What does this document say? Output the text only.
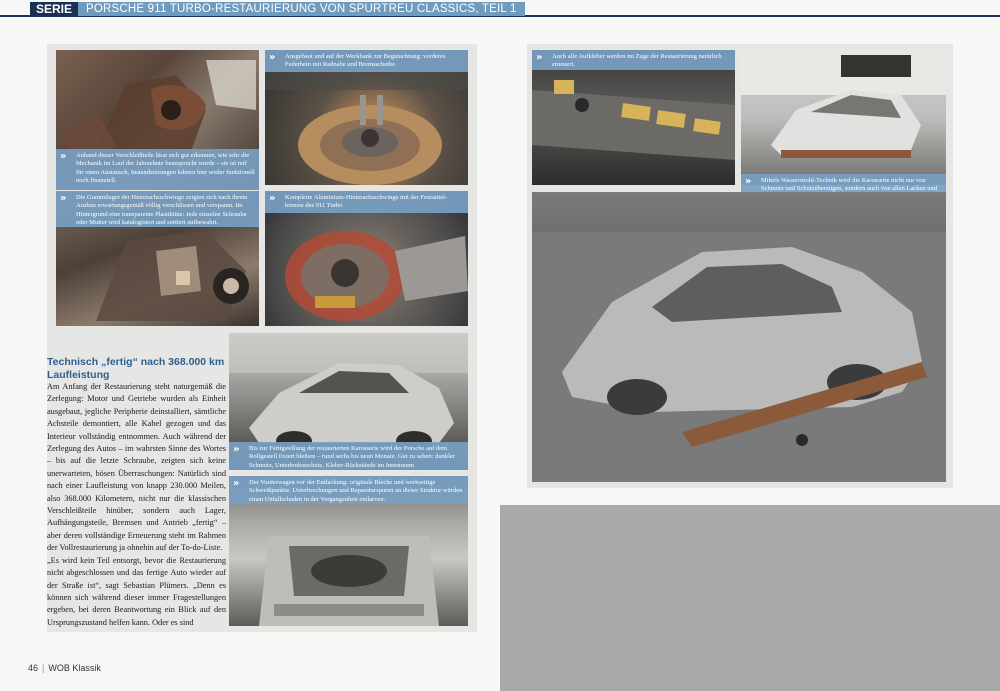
SERIE	PORSCHE 911 TURBO-RESTAURIERUNG VON SPURTREU CLASSICS, TEIL 1
» Anhand dieser Verschleißteile lässt sich gut erkennen, wie sehr die Mechanik im Lauf der Jahrzehnte beansprucht wurde – sie ist reif für einen Austausch, Instandsetzungen lohnen hier weder funktionell noch finanziell.
» Ausgebaut und auf der Werkbank zur Begutachtung: vorderes Federbein mit Radnabe und Bremsscheibe
» Die Gummilager der Hinterachsschwinge zeigten sich nach ihrem Ausbau erwartungsgemäß völlig verschlissen und verspannt. Im Hintergrund eine transparente Plastiktüte: Jede einzelne Schraube oder Mutter wird katalogisiert und sortiert aufbewahrt.
» Komplette Aluminium-Hinterachsschwinge mit der Festsattel-bremse des 911 Turbo
» Bis zur Fertigstellung der restaurierten Karosserie wird der Porsche auf dem Rollgestell fixiert bleiben – rund sechs bis neun Monate. Gut zu sehen: dunkler Schmutz, Unterbodenschutz, Kleber-Rückstände im Innenraum
» Der Vorderwagen vor der Entlackung: originale Bleche und werkseitige Schweißpunkte. Unterbrechungen und Reparaturspuren an dieser Struktur würden einen Unfallschaden in der Vergangenheit entlarven.
Technisch „fertig“ nach 368.000 km Laufleistung

Am Anfang der Restaurierung steht naturgemäß die Zerlegung: Motor und Getriebe wurden als Einheit ausgebaut, jegliche Peripherie deinstalliert, sämtliche Achsteile demontiert, alle Kabel gezogen und das Interieur vollständig entnommen. Auch während der Zerlegung des Autos – im wahrsten Sinne des Wortes – bis auf die letzte Schraube, zeigten sich keine unerwarteten, bösen Überraschungen: Natürlich sind nach einer Laufleistung von knapp 230.000 Meilen, also 368.000 Kilometern, nicht nur die klassischen Verschleißteile hinüber, sondern auch Lager, Aufhängungsteile, Bremsen und Antrieb „fertig“ – aber deren vollständige Erneuerung steht im Rahmen der Vollrestaurierung ja ohnehin auf der To-do-Liste.

„Es wird kein Teil entsorgt, bevor die Restaurierung nicht abgeschlossen und das fertige Auto wieder auf der Straße ist“, sagt Sebastian Plümers. „Denn es können sich während dieser immer Fragestellungen ergeben, bei deren Beantwortung ein Blick auf den Ursprungszustand helfen kann. Oder es sind

46 | WOB Klassik
» Auch alle Aufkleber werden im Zuge der Restaurierung natürlich erneuert.
» Mittels Wasserstrahl-Technik wird die Karosserie nicht nur von Schmutz und Schutzüberzügen, sondern auch von allen Lacken und
